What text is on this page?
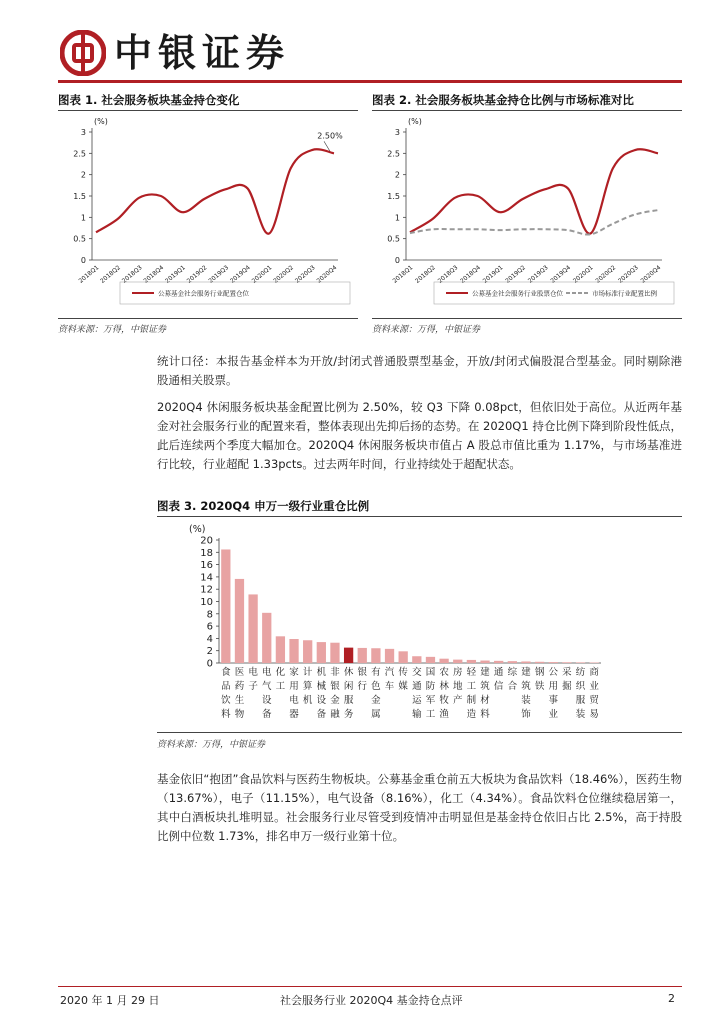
中银证券
图表 1. 社会服务板块基金持仓变化
(%)
0
0.5
1
1.5
2
2.5
3
2018Q1
2018Q2
2018Q3
2018Q4
2019Q1
2019Q2
2019Q3
2019Q4
2020Q1
2020Q2
2020Q3
2020Q4
2.50%
公募基金社会服务行业配置仓位
资料来源：万得，中银证券
图表 2. 社会服务板块基金持仓比例与市场标准对比
(%)
0
0.5
1
1.5
2
2.5
3
2018Q1 2018Q2 2018Q3 2018Q4 2019Q1 2019Q2 2019Q3 2019Q4 2020Q1 2020Q2 2020Q3 2020Q4
公募基金社会服务行业股票仓位	市场标准行业配置比例
资料来源：万得，中银证券

统计口径：本报告基金样本为开放/封闭式普通股票型基金，开放/封闭式偏股混合型基金。同时剔除港股通相关股票。

2020Q4 休闲服务板块基金配置比例为 2.50%，较 Q3 下降 0.08pct，但依旧处于高位。从近两年基金对社会服务行业的配置来看，整体表现出先抑后扬的态势。在 2020Q1 持仓比例下降到阶段性低点，此后连续两个季度大幅加仓。2020Q4 休闲服务板块市值占 A 股总市值比重为 1.17%，与市场基准进行比较，行业超配 1.33pcts。过去两年时间，行业持续处于超配状态。

图表 3. 2020Q4 申万一级行业重仓比例
(%)
0
2
4
6
8
10
12
14
16
18
20
食品饮料
医药生物
电子
电气设备
化工
家用电器
计算机
机械设备
非银金融
休闲服务
银行
有色金属
汽车
传媒
交通运输
国防军工
农林牧渔
房地产
轻工制造
建筑材料
通信
综合
建筑装饰
钢铁
公用事业
采掘
纺织服装
商业贸易
资料来源：万得，中银证券

基金依旧“抱团”食品饮料与医药生物板块。公募基金重仓前五大板块为食品饮料（18.46%），医药生物（13.67%），电子（11.15%），电气设备（8.16%），化工（4.34%）。食品饮料仓位继续稳居第一，其中白酒板块扎堆明显。社会服务行业尽管受到疫情冲击明显但是基金持仓依旧占比 2.5%，高于持股比例中位数 1.73%，排名申万一级行业第十位。

2020 年 1 月 29 日	社会服务行业 2020Q4 基金持仓点评	2
